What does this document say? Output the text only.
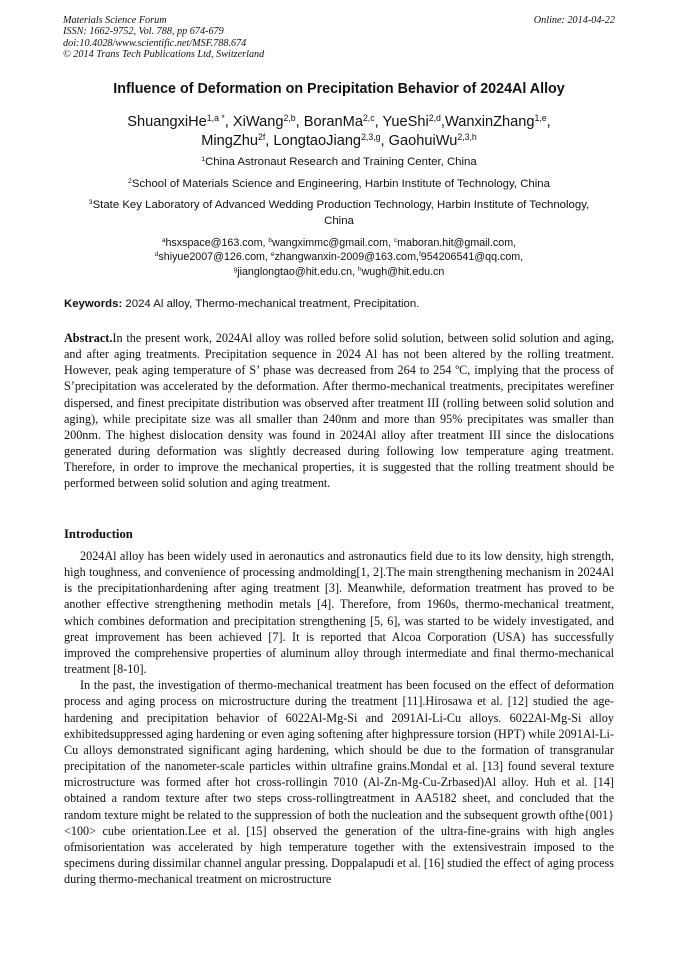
Materials Science Forum
ISSN: 1662-9752, Vol. 788, pp 674-679
doi:10.4028/www.scientific.net/MSF.788.674
© 2014 Trans Tech Publications Ltd, Switzerland
Online: 2014-04-22
Influence of Deformation on Precipitation Behavior of 2024Al Alloy
ShuangxiHe$^{1,a *}$, XiWang$^{2,b}$, BoranMa$^{2,c}$, YueShi$^{2,d}$,WanxinZhang$^{1,e}$,
MingZhu$^{2f}$, LongtaoJiang$^{2,3,g}$, GaohuiWu$^{2,3,h}$
$^1$China Astronaut Research and Training Center, China
$^2$School of Materials Science and Engineering, Harbin Institute of Technology, China
$^3$State Key Laboratory of Advanced Wedding Production Technology, Harbin Institute of Technology, China
$^a$hsxspace@163.com, $^b$wangximmc@gmail.com, $^c$maboran.hit@gmail.com,
$^d$shiyue2007@126.com, $^e$zhangwanxin-2009@163.com,$^f$954206541@qq.com,
$^g$jianglongtao@hit.edu.cn, $^h$wugh@hit.edu.cn
Keywords: 2024 Al alloy, Thermo-mechanical treatment, Precipitation.
Abstract.In the present work, 2024Al alloy was rolled before solid solution, between solid solution and aging, and after aging treatments. Precipitation sequence in 2024 Al has not been altered by the rolling treatment. However, peak aging temperature of S’ phase was decreased from 264 to 254 ºC, implying that the process of S’precipitation was accelerated by the deformation. After thermo-mechanical treatments, precipitates werefiner dispersed, and finest precipitate distribution was observed after treatment III (rolling between solid solution and aging), while precipitate size was all smaller than 240nm and more than 95% precipitates was smaller than 200nm. The highest dislocation density was found in 2024Al alloy after treatment III since the dislocations generated during deformation was slightly decreased during following low temperature aging treatment. Therefore, in order to improve the mechanical properties, it is suggested that the rolling treatment should be performed between solid solution and aging treatment.
Introduction

2024Al alloy has been widely used in aeronautics and astronautics field due to its low density, high strength, high toughness, and convenience of processing andmolding[1, 2].The main strengthening mechanism in 2024Al is the precipitationhardening after aging treatment [3]. Meanwhile, deformation treatment has proved to be another effective strengthening methodin metals [4]. Therefore, from 1960s, thermo-mechanical treatment, which combines deformation and precipitation strengthening [5, 6], was started to be widely investigated, and great improvement has been achieved [7]. It is reported that Alcoa Corporation (USA) has successfully improved the comprehensive properties of aluminum alloy through intermediate and final thermo-mechanical treatment [8-10].

In the past, the investigation of thermo-mechanical treatment has been focused on the effect of deformation process and aging process on microstructure during the treatment [11].Hirosawa et al. [12] studied the age-hardening and precipitation behavior of 6022Al-Mg-Si and 2091Al-Li-Cu alloys. 6022Al-Mg-Si alloy exhibitedsuppressed aging hardening or even aging softening after highpressure torsion (HPT) while 2091Al-Li-Cu alloys demonstrated significant aging hardening, which should be due to the formation of transgranular precipitation of the nanometer-scale particles within ultrafine grains.Mondal et al. [13] found several texture microstructure was formed after hot cross-rollingin 7010 (Al-Zn-Mg-Cu-Zrbased)Al alloy. Huh et al. [14] obtained a random texture after two steps cross-rollingtreatment in AA5182 sheet, and concluded that the random texture might be related to the suppression of both the nucleation and the subsequent growth ofthe{001}<100> cube orientation.Lee et al. [15] observed the generation of the ultra-fine-grains with high angles ofmisorientation was accelerated by high temperature together with the extensivestrain imposed to the specimens during dissimilar channel angular pressing. Doppalapudi et al. [16] studied the effect of aging process during thermo-mechanical treatment on microstructure
